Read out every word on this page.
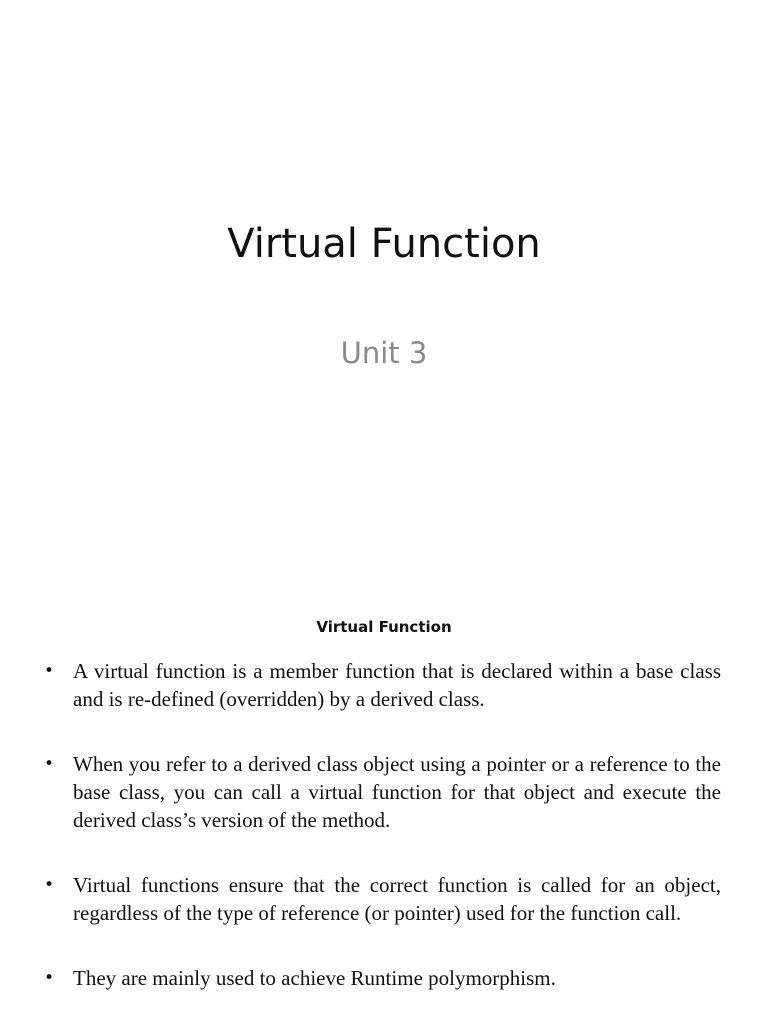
Virtual Function
Unit 3
Virtual Function
• A virtual function is a member function that is declared within a base class and is re-defined (overridden) by a derived class.
• When you refer to a derived class object using a pointer or a reference to the base class, you can call a virtual function for that object and execute the derived class’s version of the method.
• Virtual functions ensure that the correct function is called for an object, regardless of the type of reference (or pointer) used for the function call.
• They are mainly used to achieve Runtime polymorphism.
